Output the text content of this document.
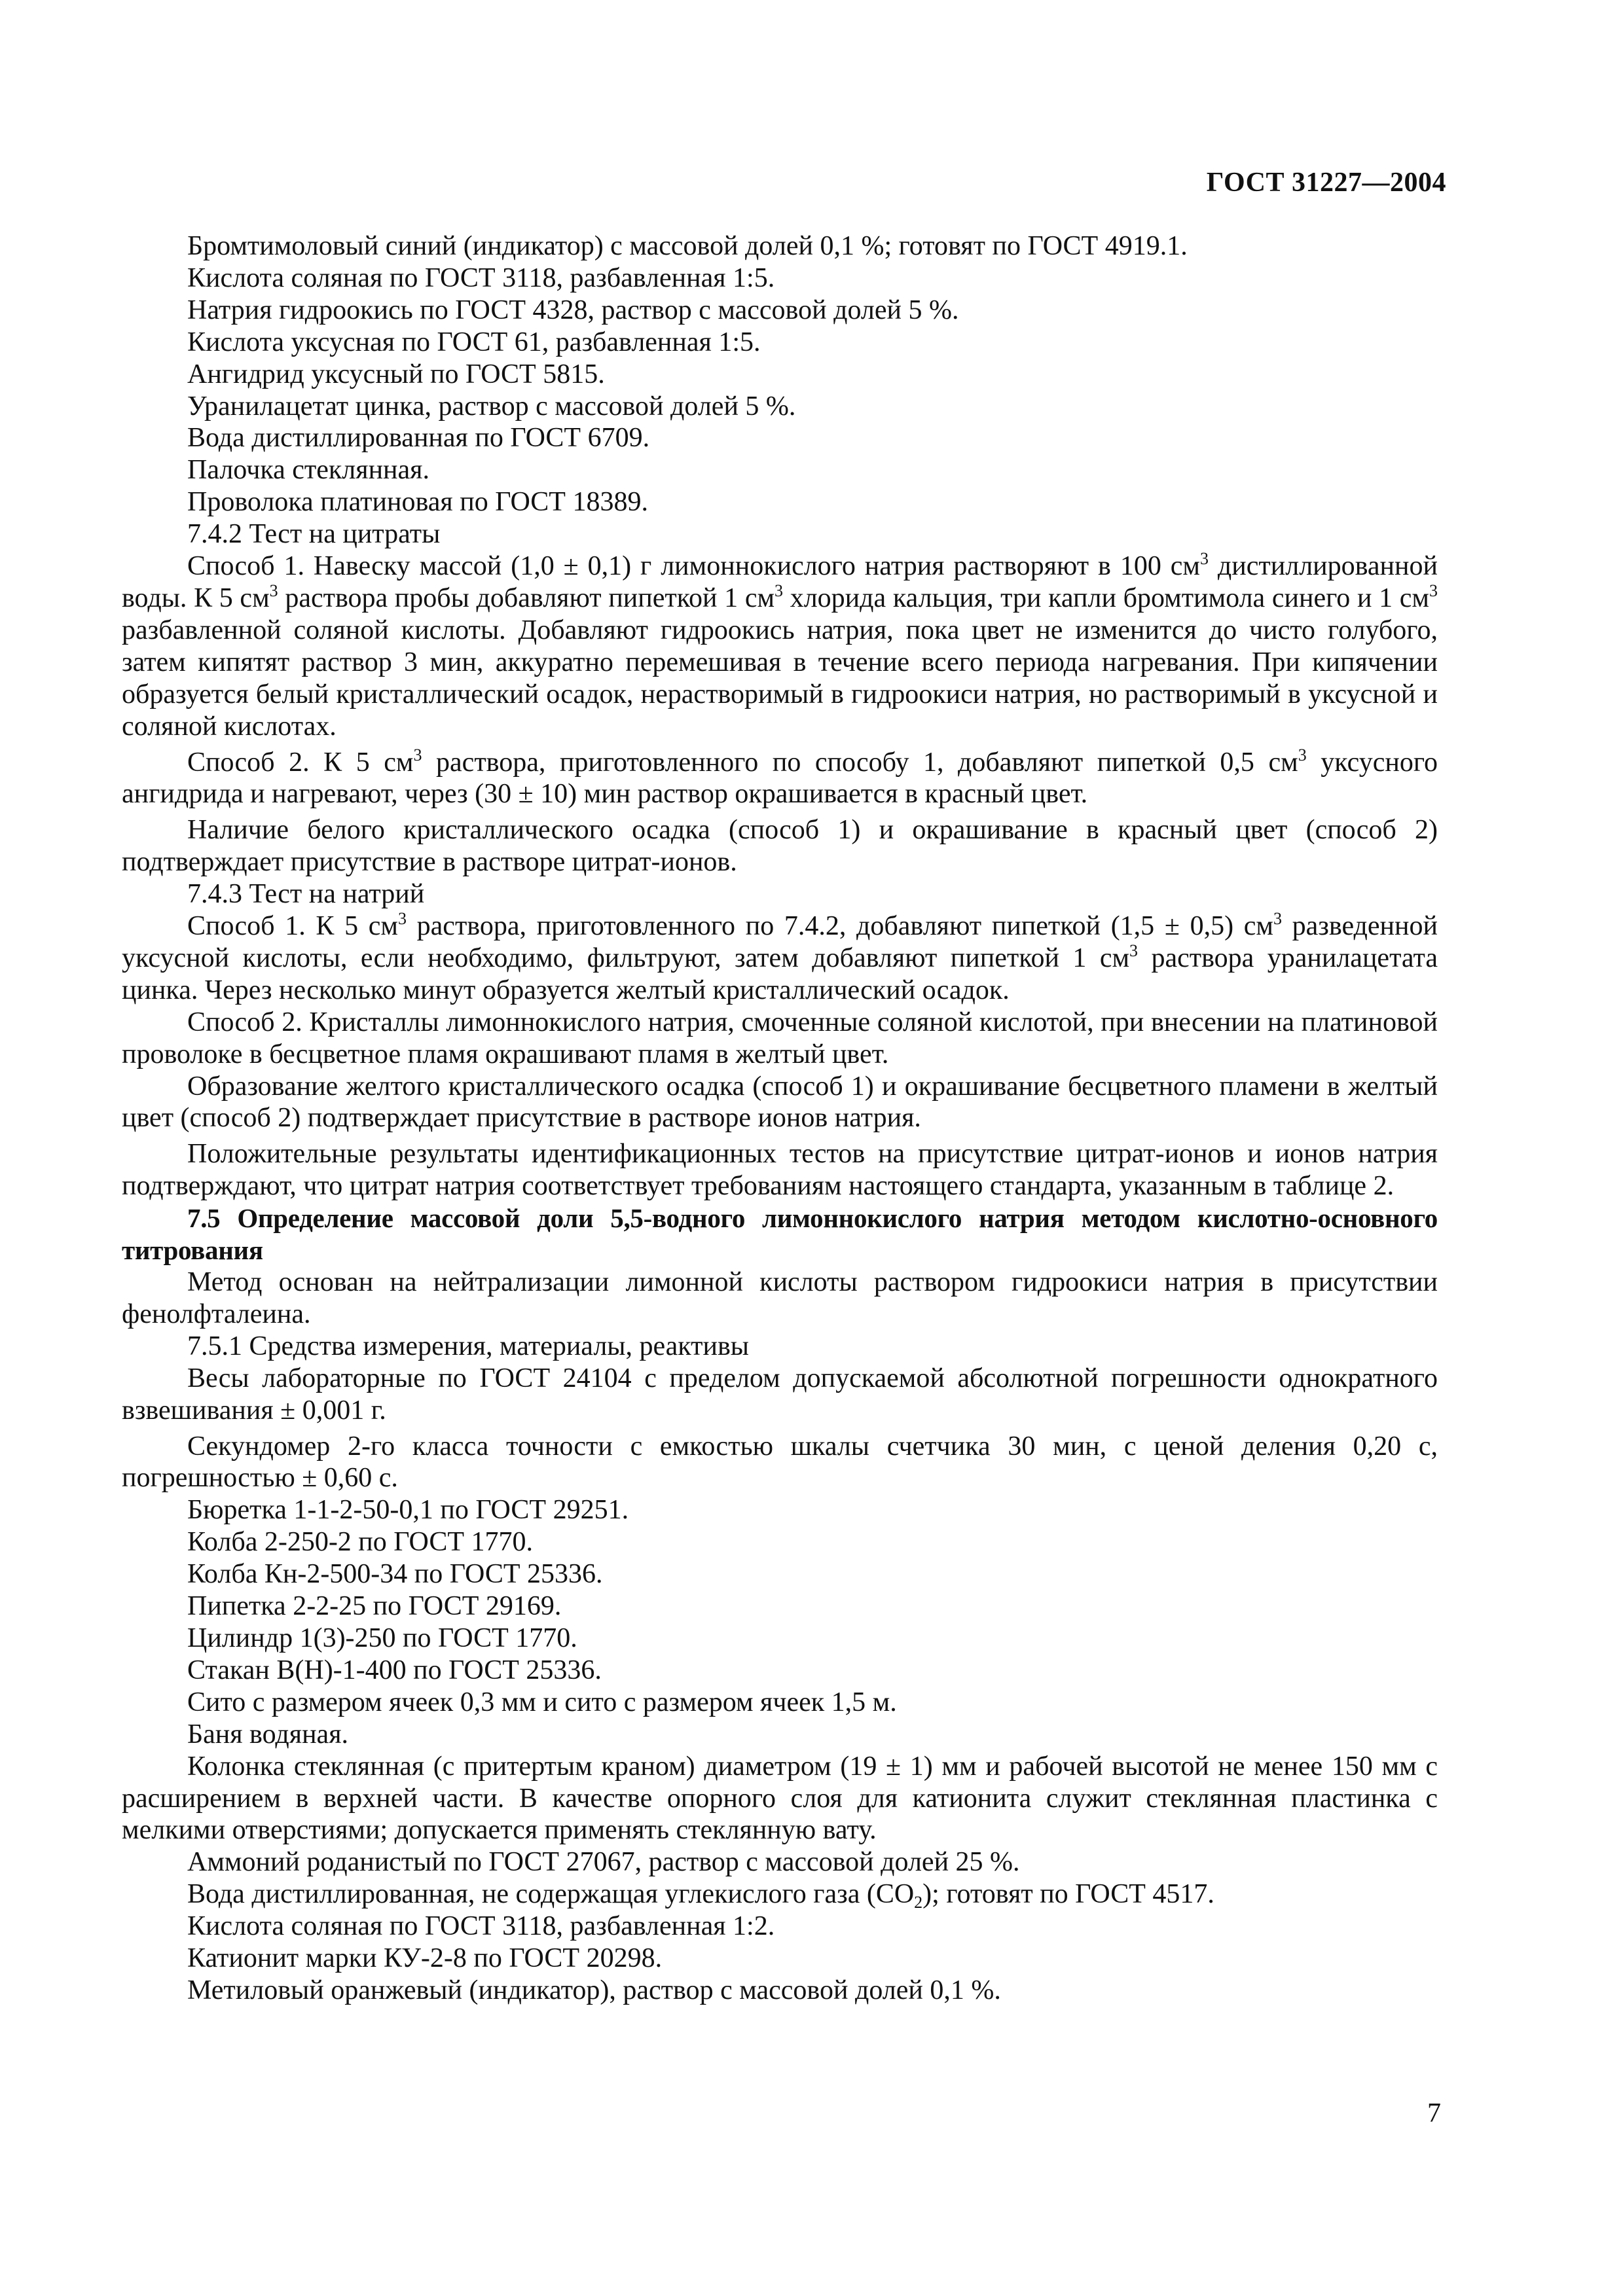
ГОСТ 31227—2004

Бромтимоловый синий (индикатор) с массовой долей 0,1 %; готовят по ГОСТ 4919.1.

Кислота соляная по ГОСТ 3118, разбавленная 1:5.

Натрия гидроокись по ГОСТ 4328, раствор с массовой долей 5 %.

Кислота уксусная по ГОСТ 61, разбавленная 1:5.

Ангидрид уксусный по ГОСТ 5815.

Уранилацетат цинка, раствор с массовой долей 5 %.

Вода дистиллированная по ГОСТ 6709.

Палочка стеклянная.

Проволока платиновая по ГОСТ 18389.

7.4.2 Тест на цитраты

Способ 1. Навеску массой (1,0 ± 0,1) г лимоннокислого натрия растворяют в 100 $см^3$ дистиллированной воды. К 5 $см^3$ раствора пробы добавляют пипеткой 1 $см^3$ хлорида кальция, три капли бромтимола синего и 1 $см^3$ разбавленной соляной кислоты. Добавляют гидроокись натрия, пока цвет не изменится до чисто голубого, затем кипятят раствор 3 мин, аккуратно перемешивая в течение всего периода нагревания. При кипячении образуется белый кристаллический осадок, нерастворимый в гидроокиси натрия, но растворимый в уксусной и соляной кислотах.

Способ 2. К 5 $см^3$ раствора, приготовленного по способу 1, добавляют пипеткой 0,5 $см^3$ уксусного ангидрида и нагревают, через (30 ± 10) мин раствор окрашивается в красный цвет.

Наличие белого кристаллического осадка (способ 1) и окрашивание в красный цвет (способ 2) подтверждает присутствие в растворе цитрат-ионов.

7.4.3 Тест на натрий

Способ 1. К 5 $см^3$ раствора, приготовленного по 7.4.2, добавляют пипеткой (1,5 ± 0,5) $см^3$ разведенной уксусной кислоты, если необходимо, фильтруют, затем добавляют пипеткой 1 $см^3$ раствора уранилацетата цинка. Через несколько минут образуется желтый кристаллический осадок.

Способ 2. Кристаллы лимоннокислого натрия, смоченные соляной кислотой, при внесении на платиновой проволоке в бесцветное пламя окрашивают пламя в желтый цвет.

Образование желтого кристаллического осадка (способ 1) и окрашивание бесцветного пламени в желтый цвет (способ 2) подтверждает присутствие в растворе ионов натрия.

Положительные результаты идентификационных тестов на присутствие цитрат-ионов и ионов натрия подтверждают, что цитрат натрия соответствует требованиям настоящего стандарта, указанным в таблице 2.

7.5 Определение массовой доли 5,5-водного лимоннокислого натрия методом кислотно-основного титрования

Метод основан на нейтрализации лимонной кислоты раствором гидроокиси натрия в присутствии фенолфталеина.

7.5.1 Средства измерения, материалы, реактивы

Весы лабораторные по ГОСТ 24104 с пределом допускаемой абсолютной погрешности однократного взвешивания ± 0,001 г.

Секундомер 2-го класса точности с емкостью шкалы счетчика 30 мин, с ценой деления 0,20 с, погрешностью ± 0,60 с.

Бюретка 1-1-2-50-0,1 по ГОСТ 29251.

Колба 2-250-2 по ГОСТ 1770.

Колба Кн-2-500-34 по ГОСТ 25336.

Пипетка 2-2-25 по ГОСТ 29169.

Цилиндр 1(3)-250 по ГОСТ 1770.

Стакан В(Н)-1-400 по ГОСТ 25336.

Сито с размером ячеек 0,3 мм и сито с размером ячеек 1,5 м.

Баня водяная.

Колонка стеклянная (с притертым краном) диаметром (19 ± 1) мм и рабочей высотой не менее 150 мм с расширением в верхней части. В качестве опорного слоя для катионита служит стеклянная пластинка с мелкими отверстиями; допускается применять стеклянную вату.

Аммоний роданистый по ГОСТ 27067, раствор с массовой долей 25 %.

Вода дистиллированная, не содержащая углекислого газа $(CO_2)$; готовят по ГОСТ 4517.

Кислота соляная по ГОСТ 3118, разбавленная 1:2.

Катионит марки КУ-2-8 по ГОСТ 20298.

Метиловый оранжевый (индикатор), раствор с массовой долей 0,1 %.

7
